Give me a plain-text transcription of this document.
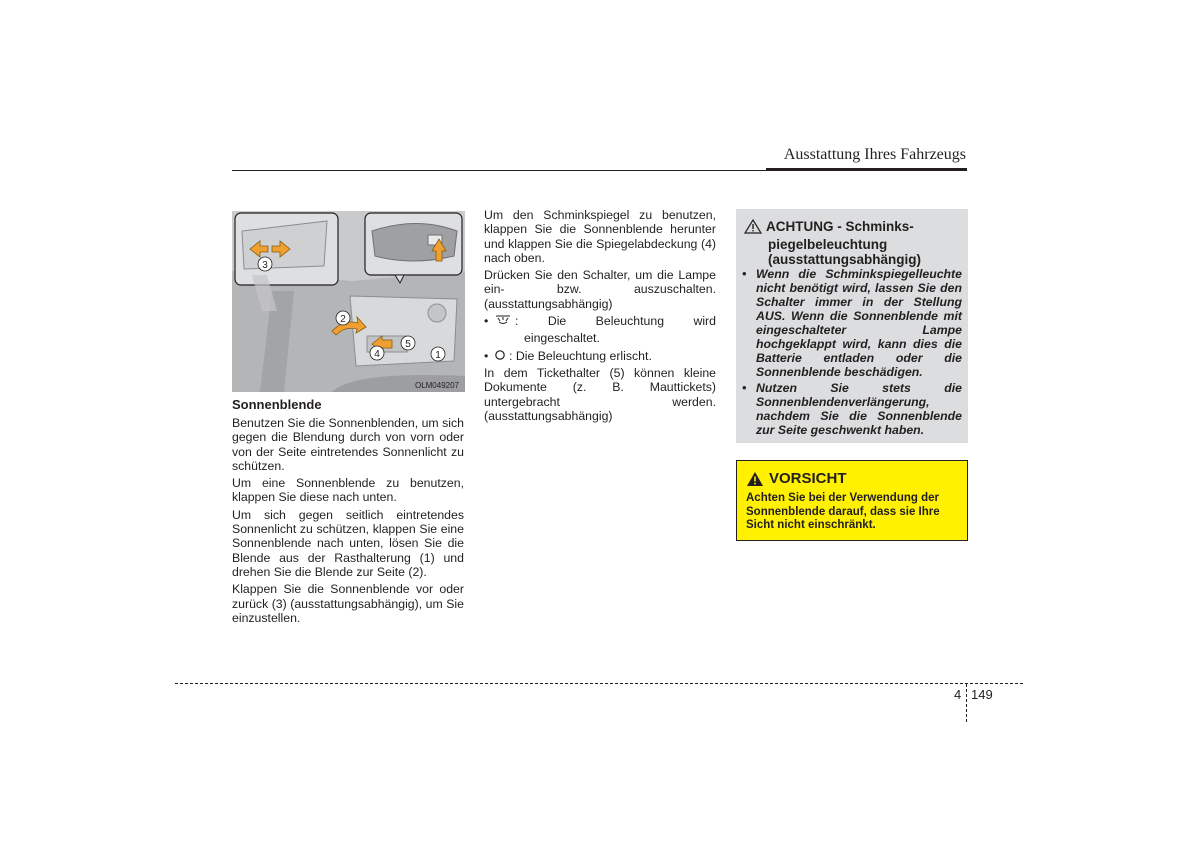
Ausstattung Ihres Fahrzeugs
1
2
3
4
5
OLM049207
Sonnenblende

Benutzen Sie die Sonnenblenden, um sich gegen die Blendung durch von vorn oder von der Seite eintretendes Sonnenlicht zu schützen.

Um eine Sonnenblende zu benutzen, klappen Sie diese nach unten.

Um sich gegen seitlich eintretendes Sonnenlicht zu schützen, klappen Sie eine Sonnenblende nach unten, lösen Sie die Blende aus der Rasthalterung (1) und drehen Sie die Blende zur Seite (2).

Klappen Sie die Sonnenblende vor oder zurück (3) (ausstattungsabhängig), um Sie einzustellen.

Um den Schminkspiegel zu benutzen, klappen Sie die Sonnenblende herunter und klappen Sie die Spiegelabdeckung (4) nach oben.

Drücken Sie den Schalter, um die Lampe ein- bzw. auszuschalten. (ausstattungsabhängig)

•	: Die Beleuchtung wird

eingeschaltet.

•	: Die Beleuchtung erlischt.

In dem Tickethalter (5) können kleine Dokumente (z. B. Mauttickets) untergebracht werden. (ausstattungsabhängig)

ACHTUNG - Schminks-
piegelbeleuchtung
(ausstattungsabhängig)
• Wenn die Schminkspiegelleuchte nicht benötigt wird, lassen Sie den Schalter immer in der Stellung AUS. Wenn die Sonnenblende mit eingeschalteter Lampe hochgeklappt wird, kann dies die Batterie entladen oder die Sonnenblende beschädigen.
• Nutzen Sie stets die Sonnenblendenverlängerung, nachdem Sie die Sonnenblende zur Seite geschwenkt haben.
VORSICHT
Achten Sie bei der Verwendung der Sonnenblende darauf, dass sie Ihre Sicht nicht einschränkt.
4 149
